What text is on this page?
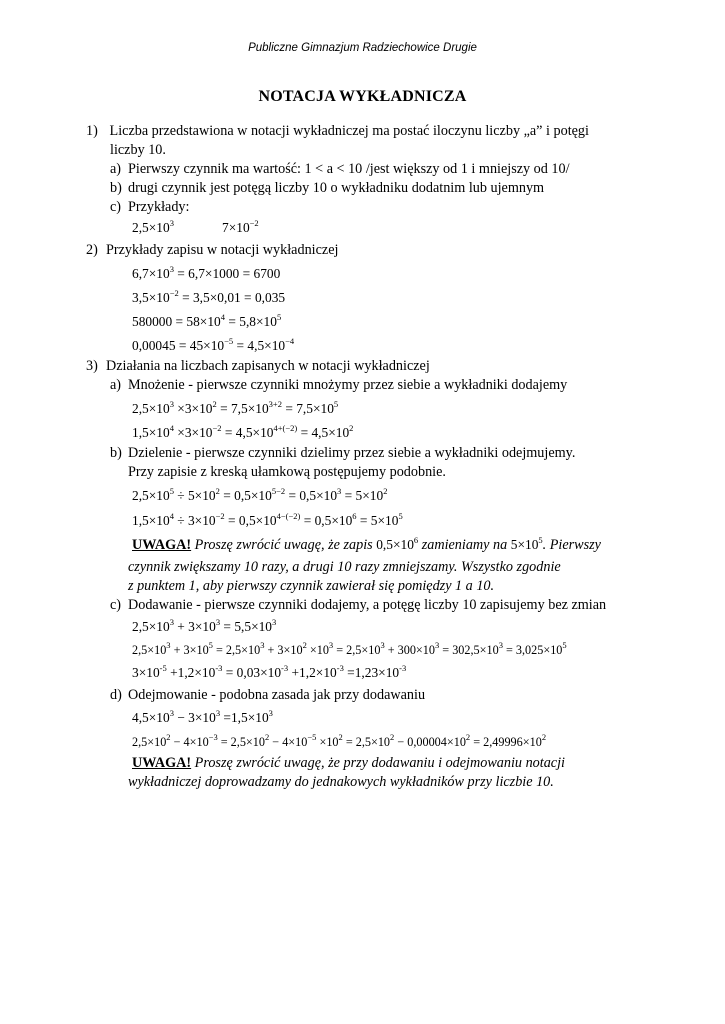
Publiczne Gimnazjum Radziechowice Drugie
NOTACJA WYKŁADNICZA
1) Liczba przedstawiona w notacji wykładniczej ma postać iloczynu liczby „a” i potęgi
liczby 10.
a) Pierwszy czynnik ma wartość: 1 < a < 10 /jest większy od 1 i mniejszy od 10/
b) drugi czynnik jest potęgą liczby 10 o wykładniku dodatnim lub ujemnym
c) Przykłady:
$2,5\times 10^3$	$7\times 10^{-2}$
2) Przykłady zapisu w notacji wykładniczej
$6,7\times 10^3 = 6,7\times 1000 = 6700$
$3,5\times 10^{-2} = 3,5\times 0,01 = 0,035$
$580000 = 58\times 10^4 = 5,8\times 10^5$
$0,00045 = 45\times 10^{-5} = 4,5\times 10^{-4}$
3) Działania na liczbach zapisanych w notacji wykładniczej
a) Mnożenie - pierwsze czynniki mnożymy przez siebie a wykładniki dodajemy
$2,5\times 10^3 \times 3\times 10^2 = 7,5\times 10^{3+2} = 7,5\times 10^5$
$1,5\times 10^4 \times 3\times 10^{-2} = 4,5\times 10^{4+(-2)} = 4,5\times 10^2$
b) Dzielenie - pierwsze czynniki dzielimy przez siebie a wykładniki odejmujemy.
Przy zapisie z kreską ułamkową postępujemy podobnie.
$2,5\times 10^5 \div 5\times 10^2 = 0,5\times 10^{5-2} = 0,5\times 10^3 = 5\times 10^2$
$1,5\times 10^4 \div 3\times 10^{-2} = 0,5\times 10^{4-(-2)} = 0,5\times 10^6 = 5\times 10^5$
UWAGA! Proszę zwrócić uwagę, że zapis $0,5\times 10^6$ zamieniamy na $5\times 10^5$. Pierwszy
czynnik zwiększamy 10 razy, a drugi 10 razy zmniejszamy. Wszystko zgodnie
z punktem 1, aby pierwszy czynnik zawierał się pomiędzy 1 a 10.
c) Dodawanie - pierwsze czynniki dodajemy, a potęgę liczby 10 zapisujemy bez zmian
$2,5\times 10^3 + 3\times 10^3 = 5,5\times 10^3$
$2,5\times 10^3 + 3\times 10^5 = 2,5\times 10^3 + 3\times 10^2 \times 10^3 = 2,5\times 10^3 + 300\times 10^3 = 302,5\times 10^3 = 3,025\times 10^5$
$3\times 10^{-5} +1,2\times 10^{-3} = 0,03\times 10^{-3} +1,2\times 10^{-3} =1,23\times 10^{-3}$
d) Odejmowanie - podobna zasada jak przy dodawaniu
$4,5\times 10^3 - 3\times 10^3 =1,5\times 10^3$
$2,5\times 10^2 - 4\times 10^{-3} = 2,5\times 10^2 - 4\times 10^{-5} \times 10^2 = 2,5\times 10^2 - 0,00004\times 10^2 = 2,49996\times 10^2$
UWAGA! Proszę zwrócić uwagę, że przy dodawaniu i odejmowaniu notacji
wykładniczej doprowadzamy do jednakowych wykładników przy liczbie 10.
